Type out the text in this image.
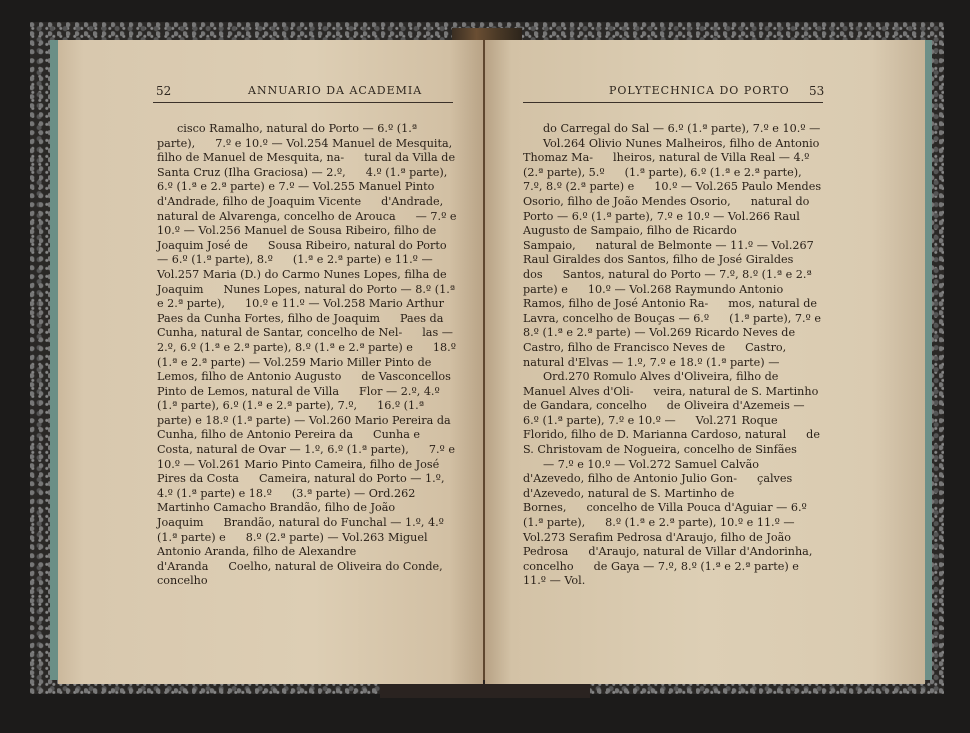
52	ANNUARIO DA ACADEMIA
cisco Ramalho, natural do Porto — 6.º (1.ª parte), 7.º e 10.º — Vol.254 Manuel de Mesquita, filho de Manuel de Mesquita, na- tural da Villa de Santa Cruz (Ilha Graciosa) — 2.º, 4.º (1.ª parte), 6.º (1.ª e 2.ª parte) e 7.º — Vol.255 Manuel Pinto d'Andrade, filho de Joaquim Vicente d'Andrade, natural de Alvarenga, concelho de Arouca — 7.º e 10.º — Vol.256 Manuel de Sousa Ribeiro, filho de Joaquim José de Sousa Ribeiro, natural do Porto — 6.º (1.ª parte), 8.º (1.ª e 2.ª parte) e 11.º — Vol.257 Maria (D.) do Carmo Nunes Lopes, filha de Joaquim Nunes Lopes, natural do Porto — 8.º (1.ª e 2.ª parte), 10.º e 11.º — Vol.258 Mario Arthur Paes da Cunha Fortes, filho de Joaquim Paes da Cunha, natural de Santar, concelho de Nel- las — 2.º, 6.º (1.ª e 2.ª parte), 8.º (1.ª e 2.ª parte) e 18.º (1.ª e 2.ª parte) — Vol.259 Mario Miller Pinto de Lemos, filho de Antonio Augusto de Vasconcellos Pinto de Lemos, natural de Villa Flor — 2.º, 4.º (1.ª parte), 6.º (1.ª e 2.ª parte), 7.º, 16.º (1.ª parte) e 18.º (1.ª parte) — Vol.260 Mario Pereira da Cunha, filho de Antonio Pereira da Cunha e Costa, natural de Ovar — 1.º, 6.º (1.ª parte), 7.º e 10.º — Vol.261 Mario Pinto Cameira, filho de José Pires da Costa Cameira, natural do Porto — 1.º, 4.º (1.ª parte) e 18.º (3.ª parte) — Ord.262 Martinho Camacho Brandão, filho de João Joaquim Brandão, natural do Funchal — 1.º, 4.º (1.ª parte) e 8.º (2.ª parte) — Vol.263 Miguel Antonio Aranda, filho de Alexandre d'Aranda Coelho, natural de Oliveira do Conde, concelho
POLYTECHNICA DO PORTO 53
do Carregal do Sal — 6.º (1.ª parte), 7.º e 10.º —Vol.264 Olivio Nunes Malheiros, filho de Antonio Thomaz Ma- lheiros, natural de Villa Real — 4.º (2.ª parte), 5.º (1.ª parte), 6.º (1.ª e 2.ª parte), 7.º, 8.º (2.ª parte) e 10.º — Vol.265 Paulo Mendes Osorio, filho de João Mendes Osorio, natural do Porto — 6.º (1.ª parte), 7.º e 10.º — Vol.266 Raul Augusto de Sampaio, filho de Ricardo Sampaio, natural de Belmonte — 11.º — Vol.267 Raul Giraldes dos Santos, filho de José Giraldes dos Santos, natural do Porto — 7.º, 8.º (1.ª e 2.ª parte) e 10.º — Vol.268 Raymundo Antonio Ramos, filho de José Antonio Ra- mos, natural de Lavra, concelho de Bouças — 6.º (1.ª parte), 7.º e 8.º (1.ª e 2.ª parte) — Vol.269 Ricardo Neves de Castro, filho de Francisco Neves de Castro, natural d'Elvas — 1.º, 7.º e 18.º (1.ª parte) —Ord.270 Romulo Alves d'Oliveira, filho de Manuel Alves d'Oli- veira, natural de S. Martinho de Gandara, concelho de Oliveira d'Azemeis — 6.º (1.ª parte), 7.º e 10.º — Vol.271 Roque Florido, filho de D. Marianna Cardoso, natural de S. Christovam de Nogueira, concelho de Sinfães— 7.º e 10.º — Vol.272 Samuel Calvão d'Azevedo, filho de Antonio Julio Gon- çalves d'Azevedo, natural de S. Martinho de Bornes, concelho de Villa Pouca d'Aguiar — 6.º (1.ª parte), 8.º (1.ª e 2.ª parte), 10.º e 11.º — Vol.273 Serafim Pedrosa d'Araujo, filho de João Pedrosa d'Araujo, natural de Villar d'Andorinha, concelho de Gaya — 7.º, 8.º (1.ª e 2.ª parte) e 11.º — Vol.
